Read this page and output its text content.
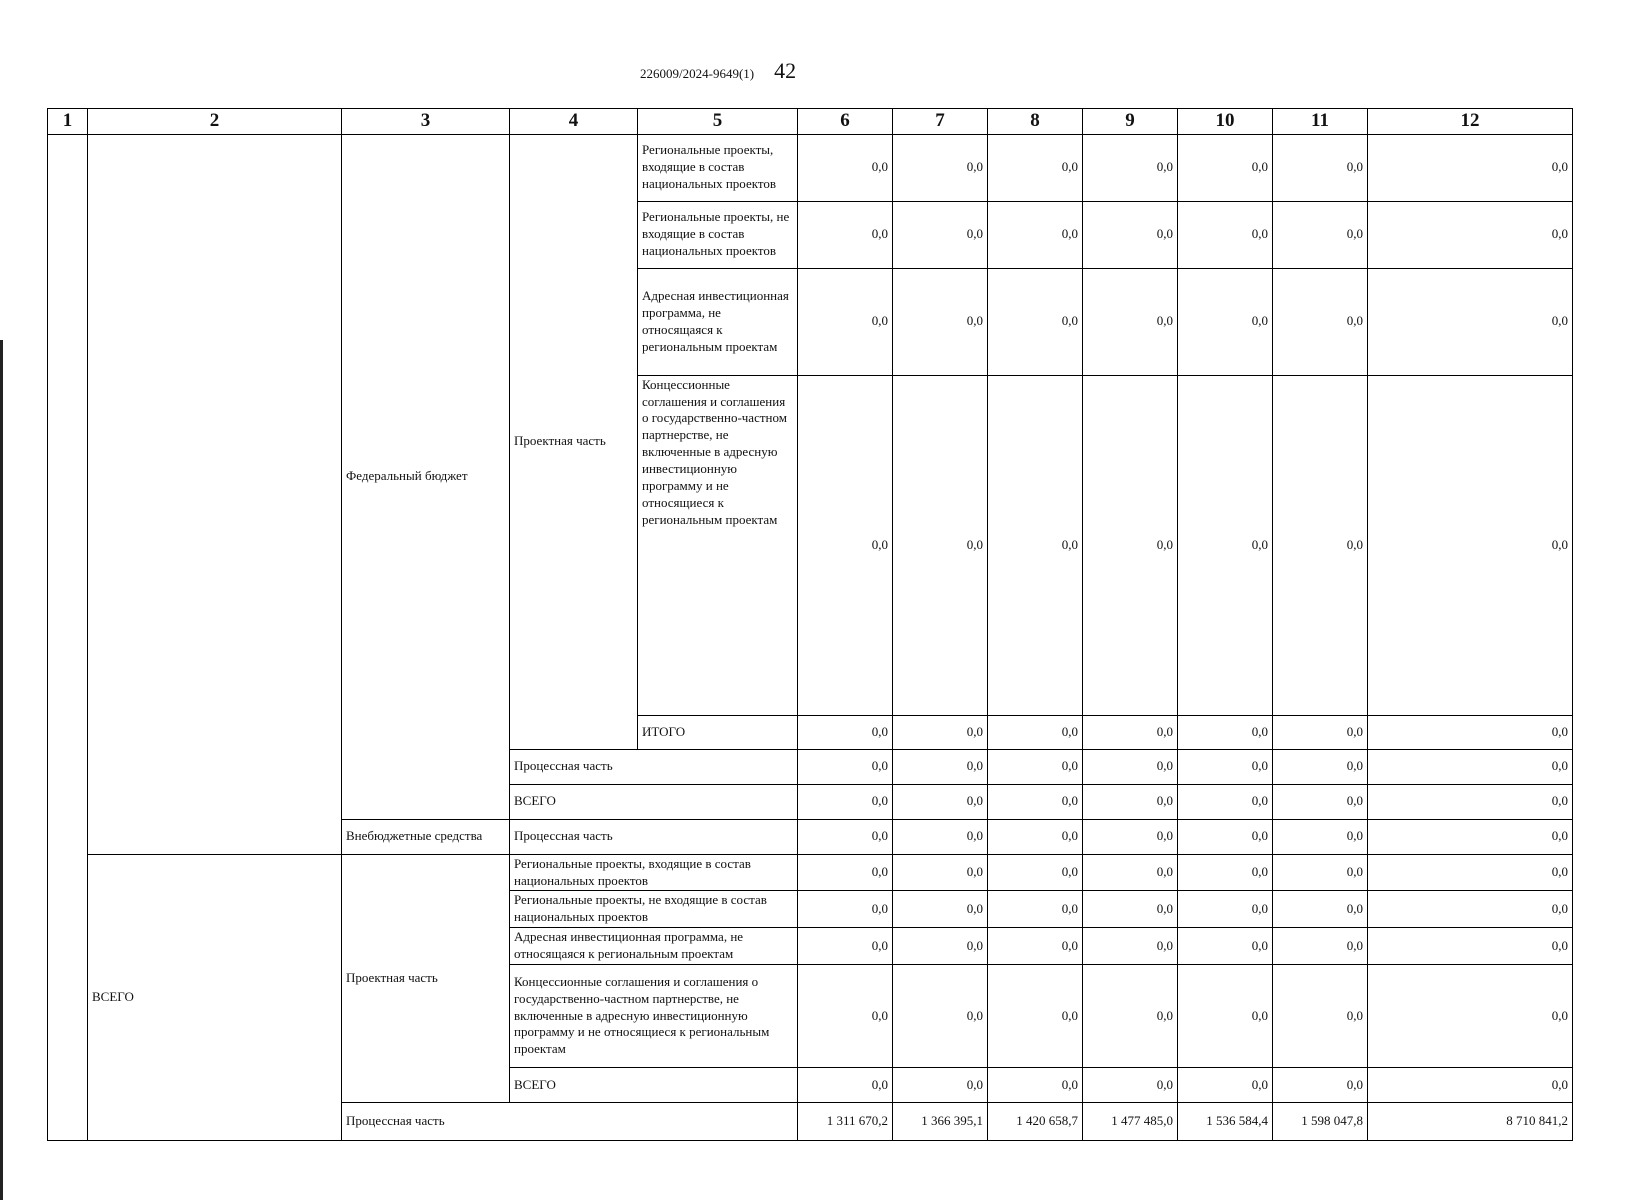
226009/2024-9649(1) 42
1	2	3	4	5	6	7	8	9	10	11	12
		Федеральный бюджет	Проектная часть	Региональные проекты, входящие в состав национальных проектов	0,0	0,0	0,0	0,0	0,0	0,0	0,0
				Региональные проекты, не входящие в состав национальных проектов	0,0	0,0	0,0	0,0	0,0	0,0	0,0
				Адресная инвестиционная программа, не относящаяся к региональным проектам	0,0	0,0	0,0	0,0	0,0	0,0	0,0
				Концессионные соглашения и соглашения о государственно-частном партнерстве, не включенные в адресную инвестиционную программу и не относящиеся к региональным проектам	0,0	0,0	0,0	0,0	0,0	0,0	0,0
				ИТОГО	0,0	0,0	0,0	0,0	0,0	0,0	0,0
			Процессная часть		0,0	0,0	0,0	0,0	0,0	0,0	0,0
			ВСЕГО		0,0	0,0	0,0	0,0	0,0	0,0	0,0

		Внебюджетные средства	Процессная часть		0,0	0,0	0,0	0,0	0,0	0,0	0,0
	ВСЕГО	Проектная часть	Региональные проекты, входящие в состав национальных проектов		0,0	0,0	0,0	0,0	0,0	0,0	0,0
			Региональные проекты, не входящие в состав национальных проектов		0,0	0,0	0,0	0,0	0,0	0,0	0,0
			Адресная инвестиционная программа, не относящаяся к региональным проектам		0,0	0,0	0,0	0,0	0,0	0,0	0,0
			Концессионные соглашения и соглашения о государственно-частном партнерстве, не включенные в адресную инвестиционную программу и не относящиеся к региональным проектам		0,0	0,0	0,0	0,0	0,0	0,0	0,0
			ВСЕГО		0,0	0,0	0,0	0,0	0,0	0,0	0,0

		Процессная часть			1 311 670,2	1 366 395,1	1 420 658,7	1 477 485,0	1 536 584,4	1 598 047,8	8 710 841,2
